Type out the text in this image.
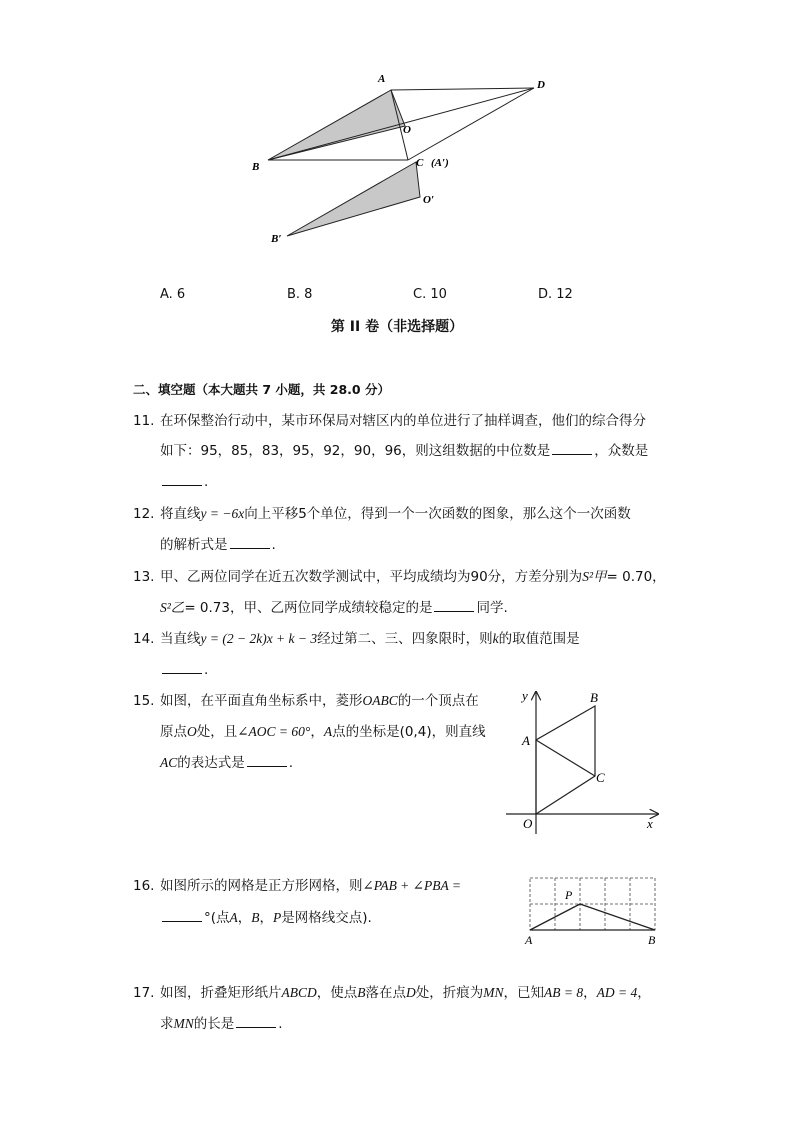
A	D
O
B	C (A′)
O′
B′
A. 6	B. 8	C. 10	D. 12
第 II 卷（非选择题）
二、填空题（本大题共 7 小题，共 28.0 分）
11. 在环保整治行动中，某市环保局对辖区内的单位进行了抽样调查，他们的综合得分
如下：95，85，83，95，92，90，96，则这组数据的中位数是	，众数是
.
12. 将直线y = −6x向上平移5个单位，得到一个一次函数的图象，那么这个一次函数
的解析式是	.
13. 甲、乙两位同学在近五次数学测试中，平均成绩均为90分，方差分别为S²甲= 0.70，
S²乙= 0.73，甲、乙两位同学成绩较稳定的是	同学.
14. 当直线y = (2 − 2k)x + k − 3经过第二、三、四象限时，则k的取值范围是
.
15. 如图，在平面直角坐标系中，菱形OABC的一个顶点在
原点O处，且∠AOC = 60°，A点的坐标是(0,4)，则直线
AC的表达式是	.
y	B
A
C
O	x
16. 如图所示的网格是正方形网格，则∠PAB + ∠PBA =
°(点A，B，P是网格线交点).
P
A	B
17. 如图，折叠矩形纸片ABCD，使点B落在点D处，折痕为MN，已知AB = 8，AD = 4，
求MN的长是	.
